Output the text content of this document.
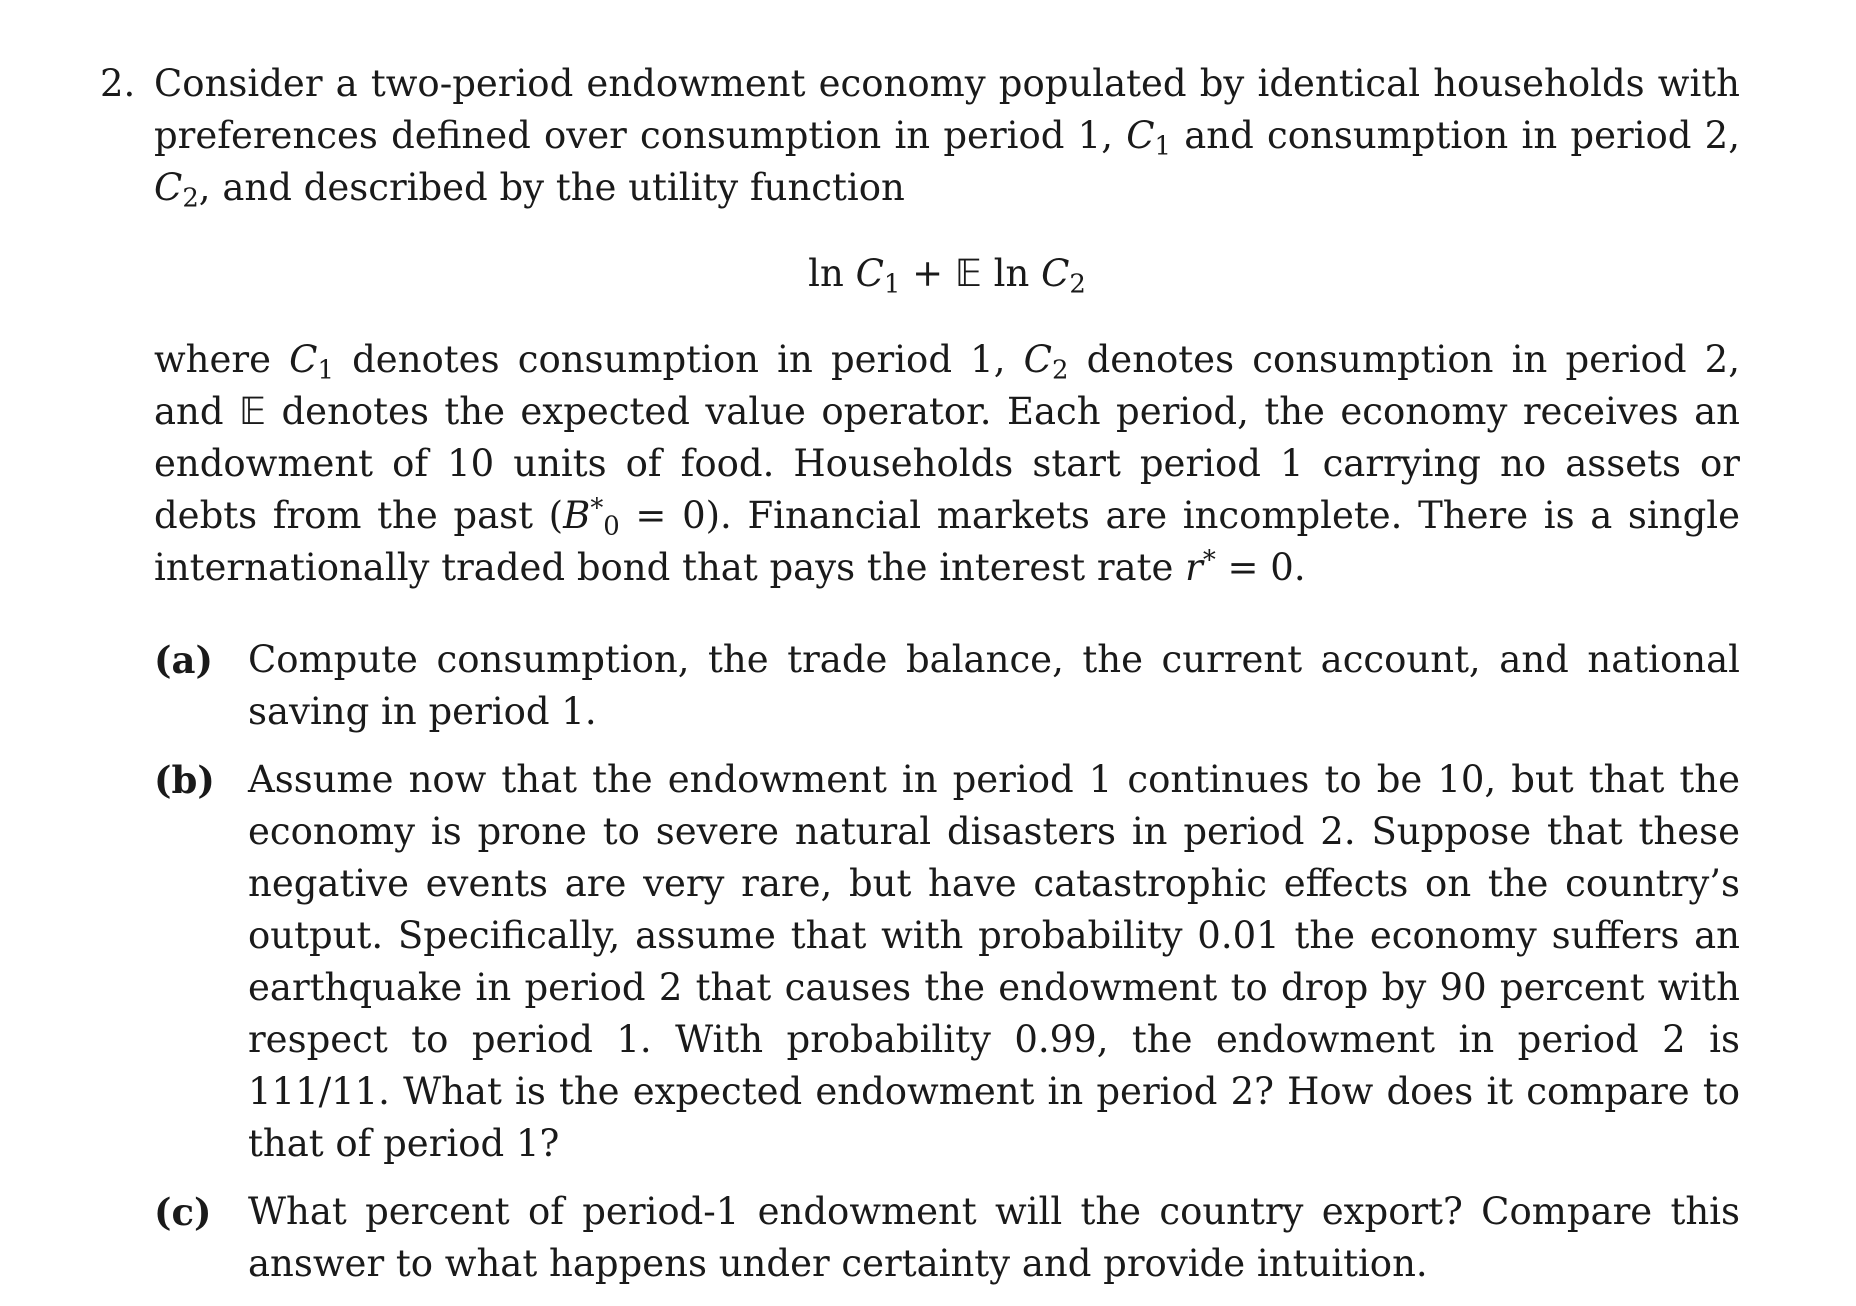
2. Consider a two-period endowment economy populated by identical households with preferences defined over consumption in period 1, $C_1$ and consumption in period 2, $C_2$, and described by the utility function

$\ln C_1$ + 𝔼 $\ln C_2$

where $C_1$ denotes consumption in period 1, $C_2$ denotes consumption in period 2, and 𝔼 denotes the expected value operator. Each period, the economy receives an endowment of 10 units of food. Households start period 1 carrying no assets or debts from the past $(B^*_0 = 0)$. Financial markets are incomplete. There is a single internationally traded bond that pays the interest rate r* = 0.

(a) Compute consumption, the trade balance, the current account, and national saving in period 1.
(b) Assume now that the endowment in period 1 continues to be 10, but that the economy is prone to severe natural disasters in period 2. Suppose that these negative events are very rare, but have catastrophic effects on the country’s output. Specifically, assume that with probability 0.01 the economy suffers an earthquake in period 2 that causes the endowment to drop by 90 percent with respect to period 1. With probability 0.99, the endowment in period 2 is 111/11. What is the expected endowment in period 2? How does it compare to that of period 1?
(c) What percent of period-1 endowment will the country export? Compare this answer to what happens under certainty and provide intuition.
